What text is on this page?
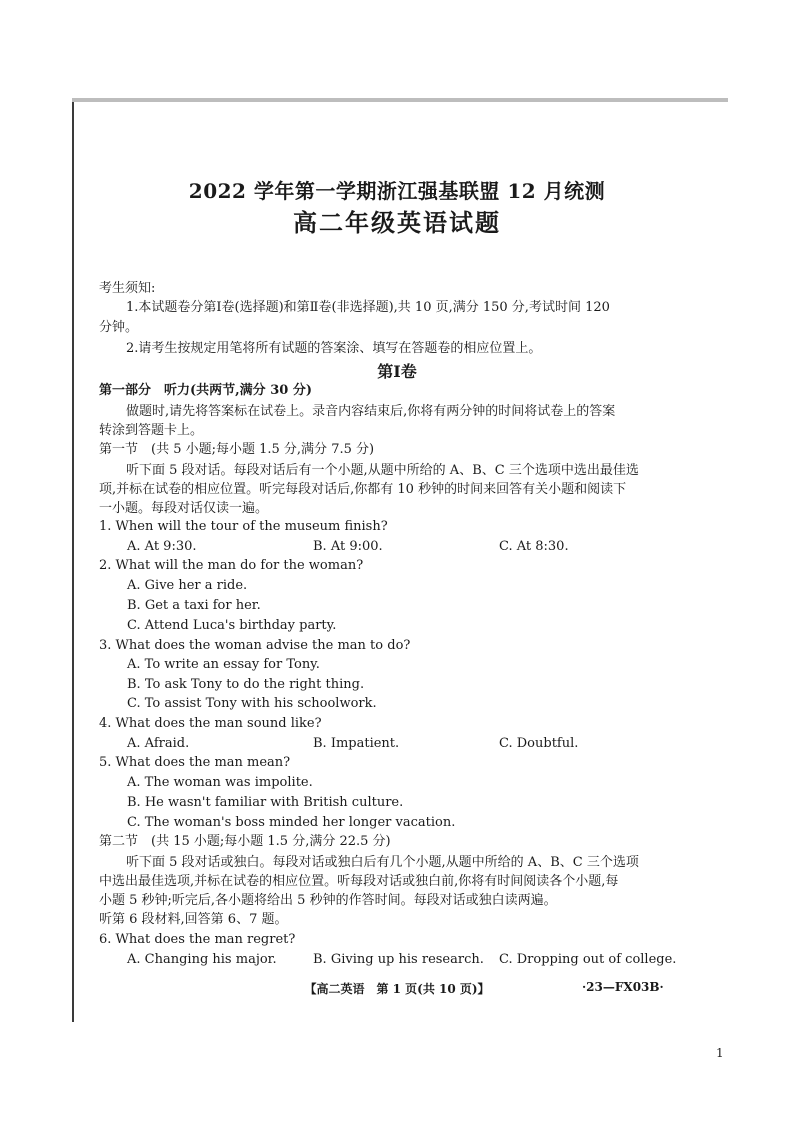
2022 学年第一学期浙江强基联盟 12 月统测
高二年级英语试题
考生须知:
1.本试题卷分第Ⅰ卷(选择题)和第Ⅱ卷(非选择题),共 10 页,满分 150 分,考试时间 120
分钟。
2.请考生按规定用笔将所有试题的答案涂、填写在答题卷的相应位置上。
第Ⅰ卷
第一部分　听力(共两节,满分 30 分)
做题时,请先将答案标在试卷上。录音内容结束后,你将有两分钟的时间将试卷上的答案
转涂到答题卡上。
第一节　(共 5 小题;每小题 1.5 分,满分 7.5 分)
听下面 5 段对话。每段对话后有一个小题,从题中所给的 A、B、C 三个选项中选出最佳选
项,并标在试卷的相应位置。听完每段对话后,你都有 10 秒钟的时间来回答有关小题和阅读下
一小题。每段对话仅读一遍。
1. When will the tour of the museum finish?
A. At 9:30.	B. At 9:00.	C. At 8:30.
2. What will the man do for the woman?
A. Give her a ride.
B. Get a taxi for her.
C. Attend Luca's birthday party.
3. What does the woman advise the man to do?
A. To write an essay for Tony.
B. To ask Tony to do the right thing.
C. To assist Tony with his schoolwork.
4. What does the man sound like?
A. Afraid.	B. Impatient.	C. Doubtful.
5. What does the man mean?
A. The woman was impolite.
B. He wasn't familiar with British culture.
C. The woman's boss minded her longer vacation.
第二节　(共 15 小题;每小题 1.5 分,满分 22.5 分)
听下面 5 段对话或独白。每段对话或独白后有几个小题,从题中所给的 A、B、C 三个选项
中选出最佳选项,并标在试卷的相应位置。听每段对话或独白前,你将有时间阅读各个小题,每
小题 5 秒钟;听完后,各小题将给出 5 秒钟的作答时间。每段对话或独白读两遍。
听第 6 段材料,回答第 6、7 题。
6. What does the man regret?
A. Changing his major.	B. Giving up his research. C. Dropping out of college.
【高二英语　第 1 页(共 10 页)】	·23—FX03B·
1
